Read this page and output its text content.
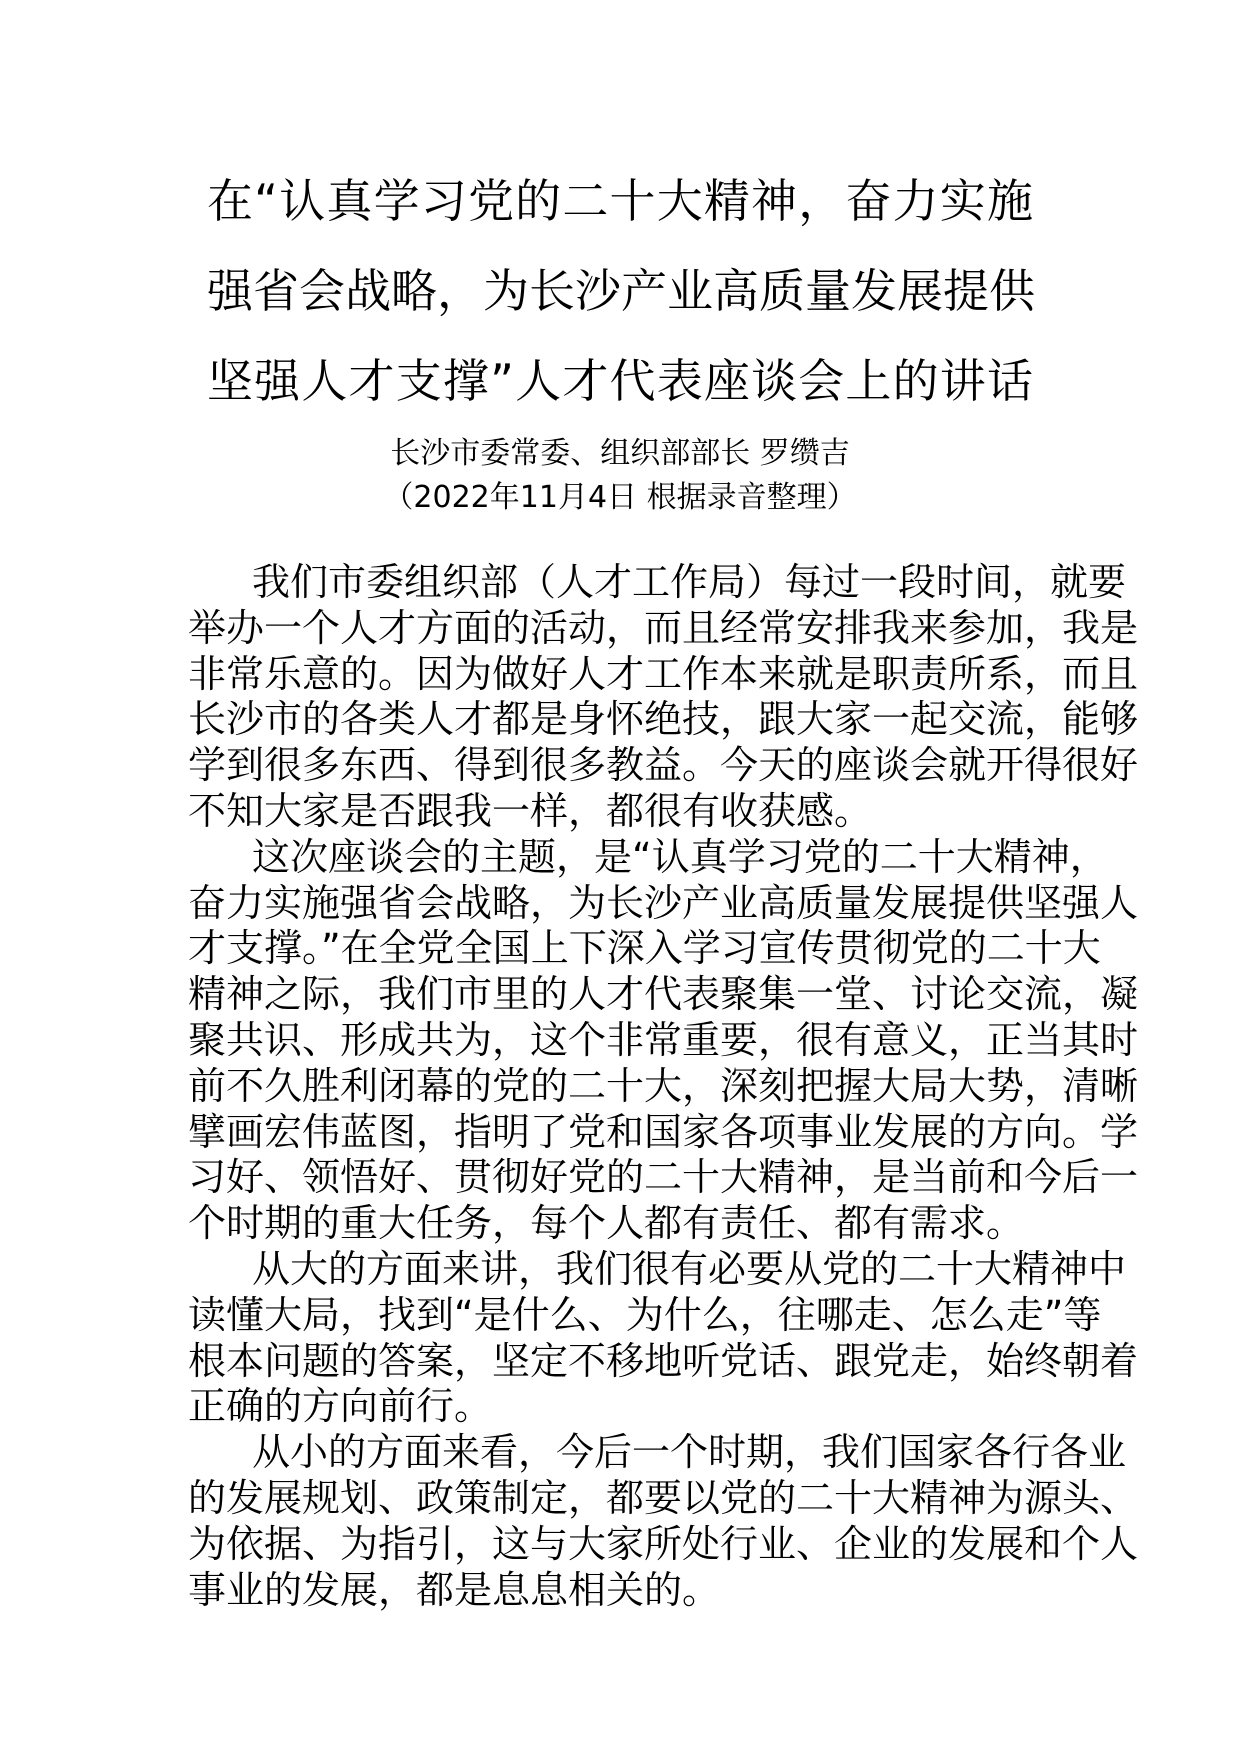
在“认真学习党的二十大精神，奋力实施
强省会战略，为长沙产业高质量发展提供
坚强人才支撑”人才代表座谈会上的讲话
长沙市委常委、组织部部长 罗缵吉
（2022年11月4日 根据录音整理）
我们市委组织部（人才工作局）每过一段时间，就要
举办一个人才方面的活动，而且经常安排我来参加，我是
非常乐意的。因为做好人才工作本来就是职责所系，而且
长沙市的各类人才都是身怀绝技，跟大家一起交流，能够
学到很多东西、得到很多教益。今天的座谈会就开得很好
不知大家是否跟我一样，都很有收获感。
这次座谈会的主题，是“认真学习党的二十大精神，
奋力实施强省会战略，为长沙产业高质量发展提供坚强人
才支撑。”在全党全国上下深入学习宣传贯彻党的二十大
精神之际，我们市里的人才代表聚集一堂、讨论交流，凝
聚共识、形成共为，这个非常重要，很有意义，正当其时
前不久胜利闭幕的党的二十大，深刻把握大局大势，清晰
擘画宏伟蓝图，指明了党和国家各项事业发展的方向。学
习好、领悟好、贯彻好党的二十大精神，是当前和今后一
个时期的重大任务，每个人都有责任、都有需求。
从大的方面来讲，我们很有必要从党的二十大精神中
读懂大局，找到“是什么、为什么，往哪走、怎么走”等
根本问题的答案，坚定不移地听党话、跟党走，始终朝着
正确的方向前行。
从小的方面来看，今后一个时期，我们国家各行各业
的发展规划、政策制定，都要以党的二十大精神为源头、
为依据、为指引，这与大家所处行业、企业的发展和个人
事业的发展，都是息息相关的。
